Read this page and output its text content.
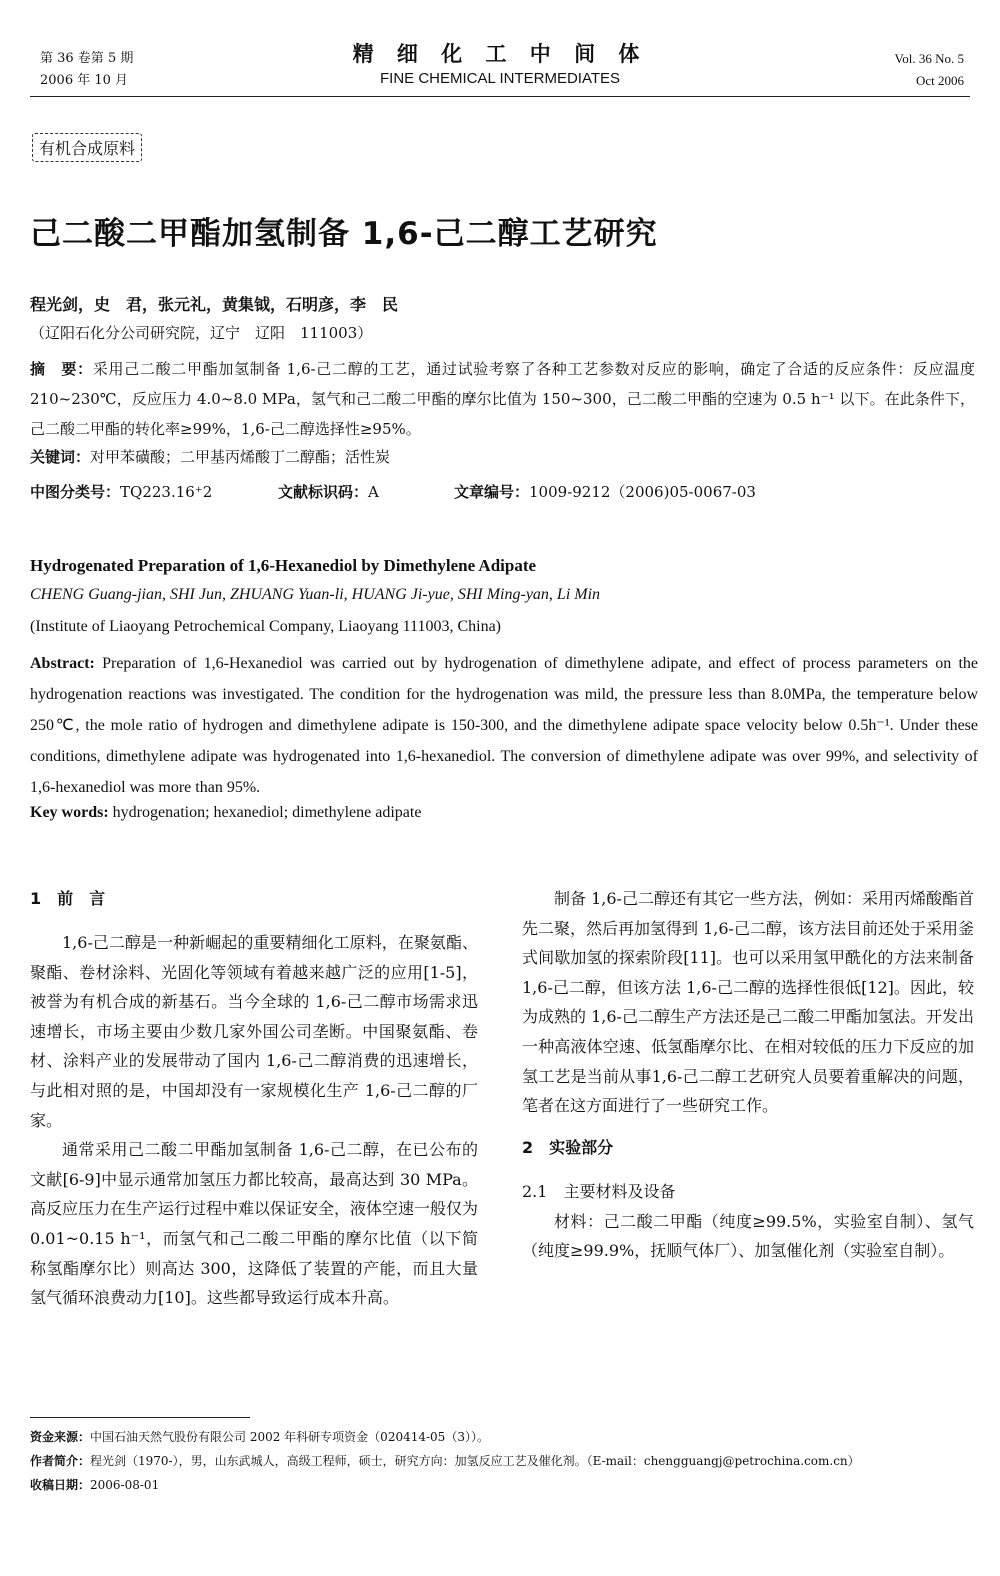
第 36 卷第 5 期
2006 年 10 月
精 细 化 工 中 间 体
FINE CHEMICAL INTERMEDIATES
Vol. 36 No. 5
Oct 2006
有机合成原料
己二酸二甲酯加氢制备 1,6-己二醇工艺研究
程光剑，史　君，张元礼，黄集钺，石明彦，李　民
（辽阳石化分公司研究院，辽宁　辽阳　111003）
摘　要：采用己二酸二甲酯加氢制备 1,6-己二醇的工艺，通过试验考察了各种工艺参数对反应的影响，确定了合适的反应条件：反应温度 210~230℃，反应压力 4.0~8.0 MPa，氢气和己二酸二甲酯的摩尔比值为 150~300，己二酸二甲酯的空速为 0.5 h⁻¹ 以下。在此条件下，己二酸二甲酯的转化率≥99%，1,6-己二醇选择性≥95%。
关键词：对甲苯磺酸；二甲基丙烯酸丁二醇酯；活性炭
中图分类号：TQ223.16⁺2	文献标识码：A	文章编号：1009-9212（2006)05-0067-03
Hydrogenated Preparation of 1,6-Hexanediol by Dimethylene Adipate
CHENG Guang-jian, SHI Jun, ZHUANG Yuan-li, HUANG Ji-yue, SHI Ming-yan, Li Min
(Institute of Liaoyang Petrochemical Company, Liaoyang 111003, China)
Abstract: Preparation of 1,6-Hexanediol was carried out by hydrogenation of dimethylene adipate, and effect of process parameters on the hydrogenation reactions was investigated. The condition for the hydrogenation was mild, the pressure less than 8.0MPa, the temperature below 250℃, the mole ratio of hydrogen and dimethylene adipate is 150-300, and the dimethylene adipate space velocity below 0.5h⁻¹. Under these conditions, dimethylene adipate was hydrogenated into 1,6-hexanediol. The conversion of dimethylene adipate was over 99%, and selectivity of 1,6-hexanediol was more than 95%.
Key words: hydrogenation; hexanediol; dimethylene adipate
1　前　言

1,6-己二醇是一种新崛起的重要精细化工原料，在聚氨酯、聚酯、卷材涂料、光固化等领域有着越来越广泛的应用[1-5]，被誉为有机合成的新基石。当今全球的 1,6-己二醇市场需求迅速增长，市场主要由少数几家外国公司垄断。中国聚氨酯、卷材、涂料产业的发展带动了国内 1,6-己二醇消费的迅速增长，与此相对照的是，中国却没有一家规模化生产 1,6-己二醇的厂家。

通常采用己二酸二甲酯加氢制备 1,6-己二醇，在已公布的文献[6-9]中显示通常加氢压力都比较高，最高达到 30 MPa。高反应压力在生产运行过程中难以保证安全，液体空速一般仅为 0.01~0.15 h⁻¹，而氢气和己二酸二甲酯的摩尔比值（以下简称氢酯摩尔比）则高达 300，这降低了装置的产能，而且大量氢气循环浪费动力[10]。这些都导致运行成本升高。

制备 1,6-己二醇还有其它一些方法，例如：采用丙烯酸酯首先二聚，然后再加氢得到 1,6-己二醇，该方法目前还处于采用釜式间歇加氢的探索阶段[11]。也可以采用氢甲酰化的方法来制备 1,6-己二醇，但该方法 1,6-己二醇的选择性很低[12]。因此，较为成熟的 1,6-己二醇生产方法还是己二酸二甲酯加氢法。开发出一种高液体空速、低氢酯摩尔比、在相对较低的压力下反应的加氢工艺是当前从事1,6-己二醇工艺研究人员要着重解决的问题，笔者在这方面进行了一些研究工作。

2　实验部分
2.1　主要材料及设备

材料：己二酸二甲酯（纯度≥99.5%，实验室自制）、氢气（纯度≥99.9%，抚顺气体厂）、加氢催化剂（实验室自制）。

资金来源：中国石油天然气股份有限公司 2002 年科研专项资金（020414-05（3））。
作者简介：程光剑（1970-），男，山东武城人，高级工程师，硕士，研究方向：加氢反应工艺及催化剂。（E-mail：chengguangj@petrochina.com.cn）
收稿日期：2006-08-01
